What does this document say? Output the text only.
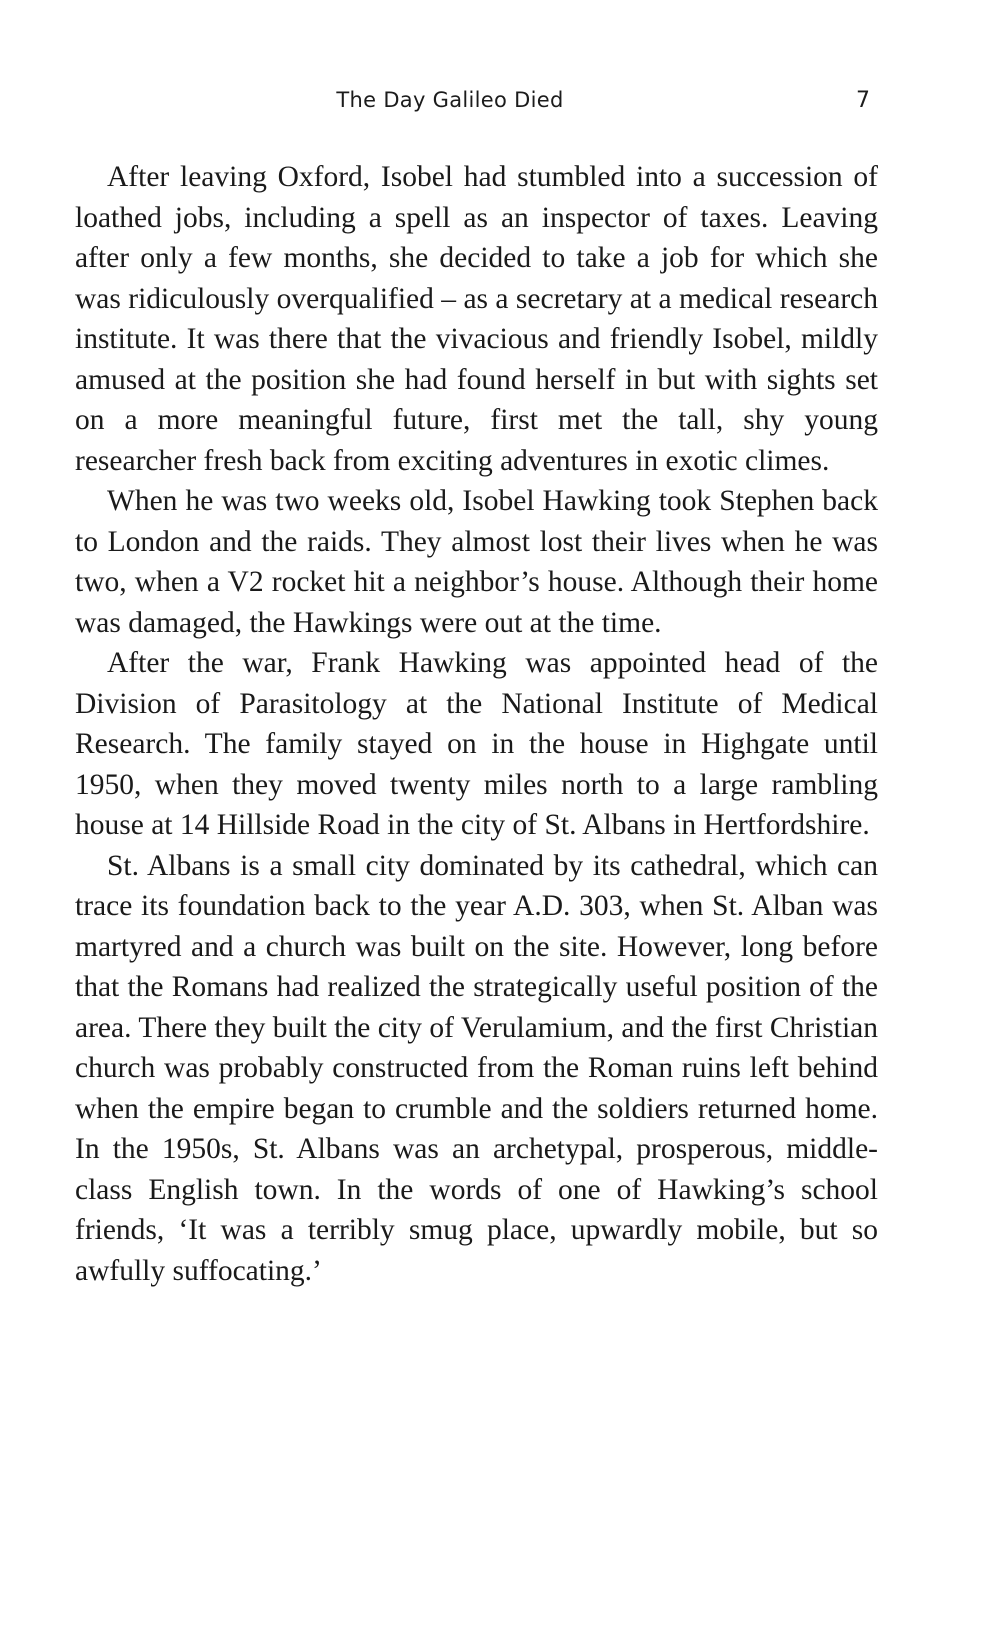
The Day Galileo Died	7

After leaving Oxford, Isobel had stumbled into a succession of loathed jobs, including a spell as an inspector of taxes. Leaving after only a few months, she decided to take a job for which she was ridiculously overqualified – as a secretary at a medical research institute. It was there that the vivacious and friendly Isobel, mildly amused at the position she had found herself in but with sights set on a more meaningful future, first met the tall, shy young researcher fresh back from exciting adventures in exotic climes.

When he was two weeks old, Isobel Hawking took Stephen back to London and the raids. They almost lost their lives when he was two, when a V2 rocket hit a neighbor’s house. Although their home was damaged, the Hawkings were out at the time.

After the war, Frank Hawking was appointed head of the Division of Parasitology at the National Institute of Medical Research. The family stayed on in the house in Highgate until 1950, when they moved twenty miles north to a large rambling house at 14 Hillside Road in the city of St. Albans in Hertfordshire.

St. Albans is a small city dominated by its cathedral, which can trace its foundation back to the year A.D. 303, when St. Alban was martyred and a church was built on the site. However, long before that the Romans had realized the strategically useful position of the area. There they built the city of Verulamium, and the first Christian church was probably constructed from the Roman ruins left behind when the empire began to crumble and the soldiers returned home. In the 1950s, St. Albans was an archetypal, prosperous, middle-class English town. In the words of one of Hawking’s school friends, ‘It was a terribly smug place, upwardly mobile, but so awfully suffocating.’
